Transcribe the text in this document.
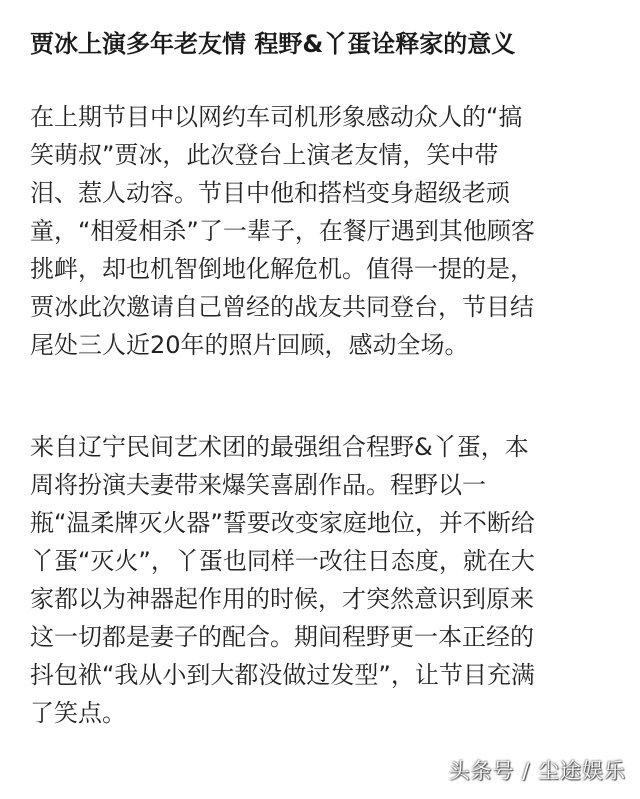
贾冰上演多年老友情 程野&丫蛋诠释家的意义

在上期节目中以网约车司机形象感动众人的“搞
笑萌叔”贾冰，此次登台上演老友情，笑中带
泪、惹人动容。节目中他和搭档变身超级老顽
童，“相爱相杀”了一辈子，在餐厅遇到其他顾客
挑衅，却也机智倒地化解危机。值得一提的是，
贾冰此次邀请自己曾经的战友共同登台，节目结
尾处三人近20年的照片回顾，感动全场。

来自辽宁民间艺术团的最强组合程野&丫蛋，本
周将扮演夫妻带来爆笑喜剧作品。程野以一
瓶“温柔牌灭火器”誓要改变家庭地位，并不断给
丫蛋“灭火”，丫蛋也同样一改往日态度，就在大
家都以为神器起作用的时候，才突然意识到原来
这一切都是妻子的配合。期间程野更一本正经的
抖包袱“我从小到大都没做过发型”，让节目充满
了笑点。

头条号 / 尘途娱乐
